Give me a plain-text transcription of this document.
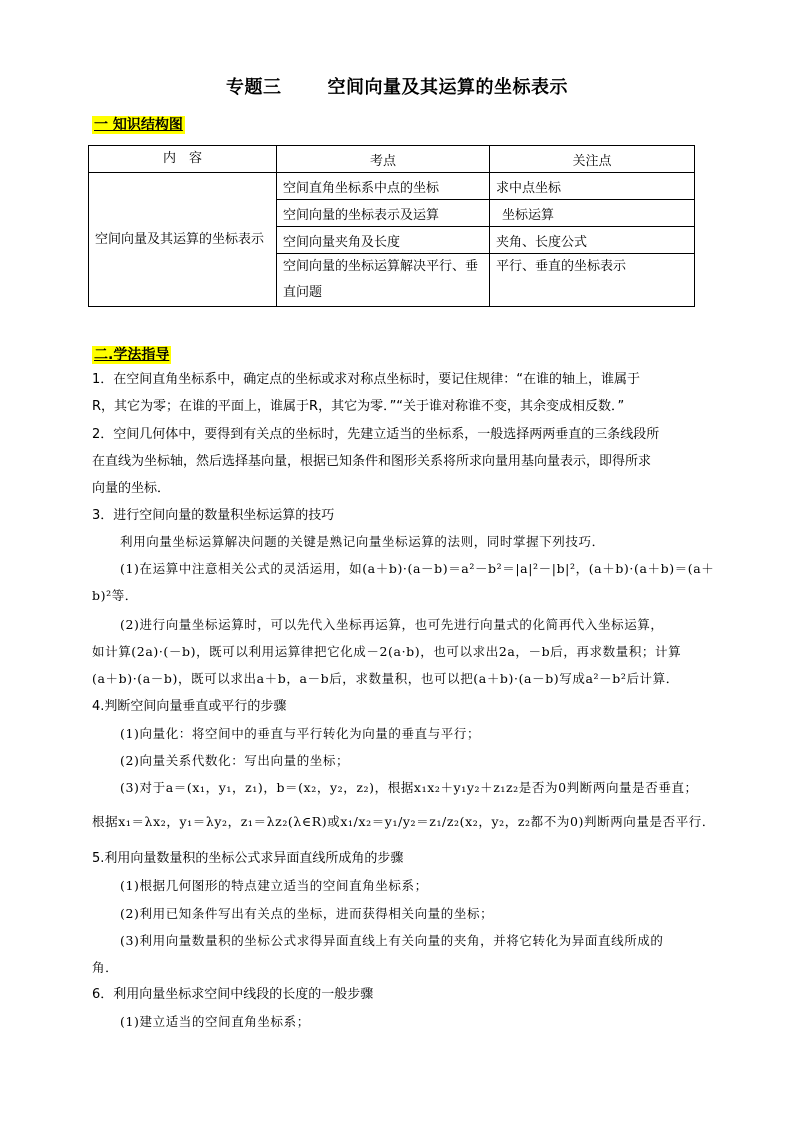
专题三	空间向量及其运算的坐标表示
一 知识结构图
内　容	考点	关注点
空间向量及其运算的坐标表示	空间直角坐标系中点的坐标	求中点坐标
	空间向量的坐标表示及运算	坐标运算
	空间向量夹角及长度	夹角、长度公式
	空间向量的坐标运算解决平行、垂直问题	平行、垂直的坐标表示
二.学法指导
1．在空间直角坐标系中，确定点的坐标或求对称点坐标时，要记住规律：“在谁的轴上，谁属于
R，其它为零；在谁的平面上，谁属于R，其它为零．”“关于谁对称谁不变，其余变成相反数．”
2．空间几何体中，要得到有关点的坐标时，先建立适当的坐标系，一般选择两两垂直的三条线段所
在直线为坐标轴，然后选择基向量，根据已知条件和图形关系将所求向量用基向量表示，即得所求
向量的坐标．
3．进行空间向量的数量积坐标运算的技巧
利用向量坐标运算解决问题的关键是熟记向量坐标运算的法则，同时掌握下列技巧．
(1)在运算中注意相关公式的灵活运用，如(a＋b)·(a－b)＝a²－b²＝|a|²－|b|²，(a＋b)·(a＋b)＝(a＋
b)²等．
(2)进行向量坐标运算时，可以先代入坐标再运算，也可先进行向量式的化简再代入坐标运算，
如计算(2a)·(－b)，既可以利用运算律把它化成－2(a·b)，也可以求出2a，－b后，再求数量积；计算
(a＋b)·(a－b)，既可以求出a＋b，a－b后，求数量积，也可以把(a＋b)·(a－b)写成a²－b²后计算．
4.判断空间向量垂直或平行的步骤
(1)向量化：将空间中的垂直与平行转化为向量的垂直与平行；
(2)向量关系代数化：写出向量的坐标；
(3)对于a＝(x₁，y₁，z₁)，b＝(x₂，y₂，z₂)，根据x₁x₂＋y₁y₂＋z₁z₂是否为0判断两向量是否垂直；
根据x₁＝λx₂，y₁＝λy₂，z₁＝λz₂(λ∈R)或x₁/x₂＝y₁/y₂＝z₁/z₂(x₂，y₂，z₂都不为0)判断两向量是否平行．
5.利用向量数量积的坐标公式求异面直线所成角的步骤
(1)根据几何图形的特点建立适当的空间直角坐标系；
(2)利用已知条件写出有关点的坐标，进而获得相关向量的坐标；
(3)利用向量数量积的坐标公式求得异面直线上有关向量的夹角，并将它转化为异面直线所成的
角．
6．利用向量坐标求空间中线段的长度的一般步骤
(1)建立适当的空间直角坐标系；
